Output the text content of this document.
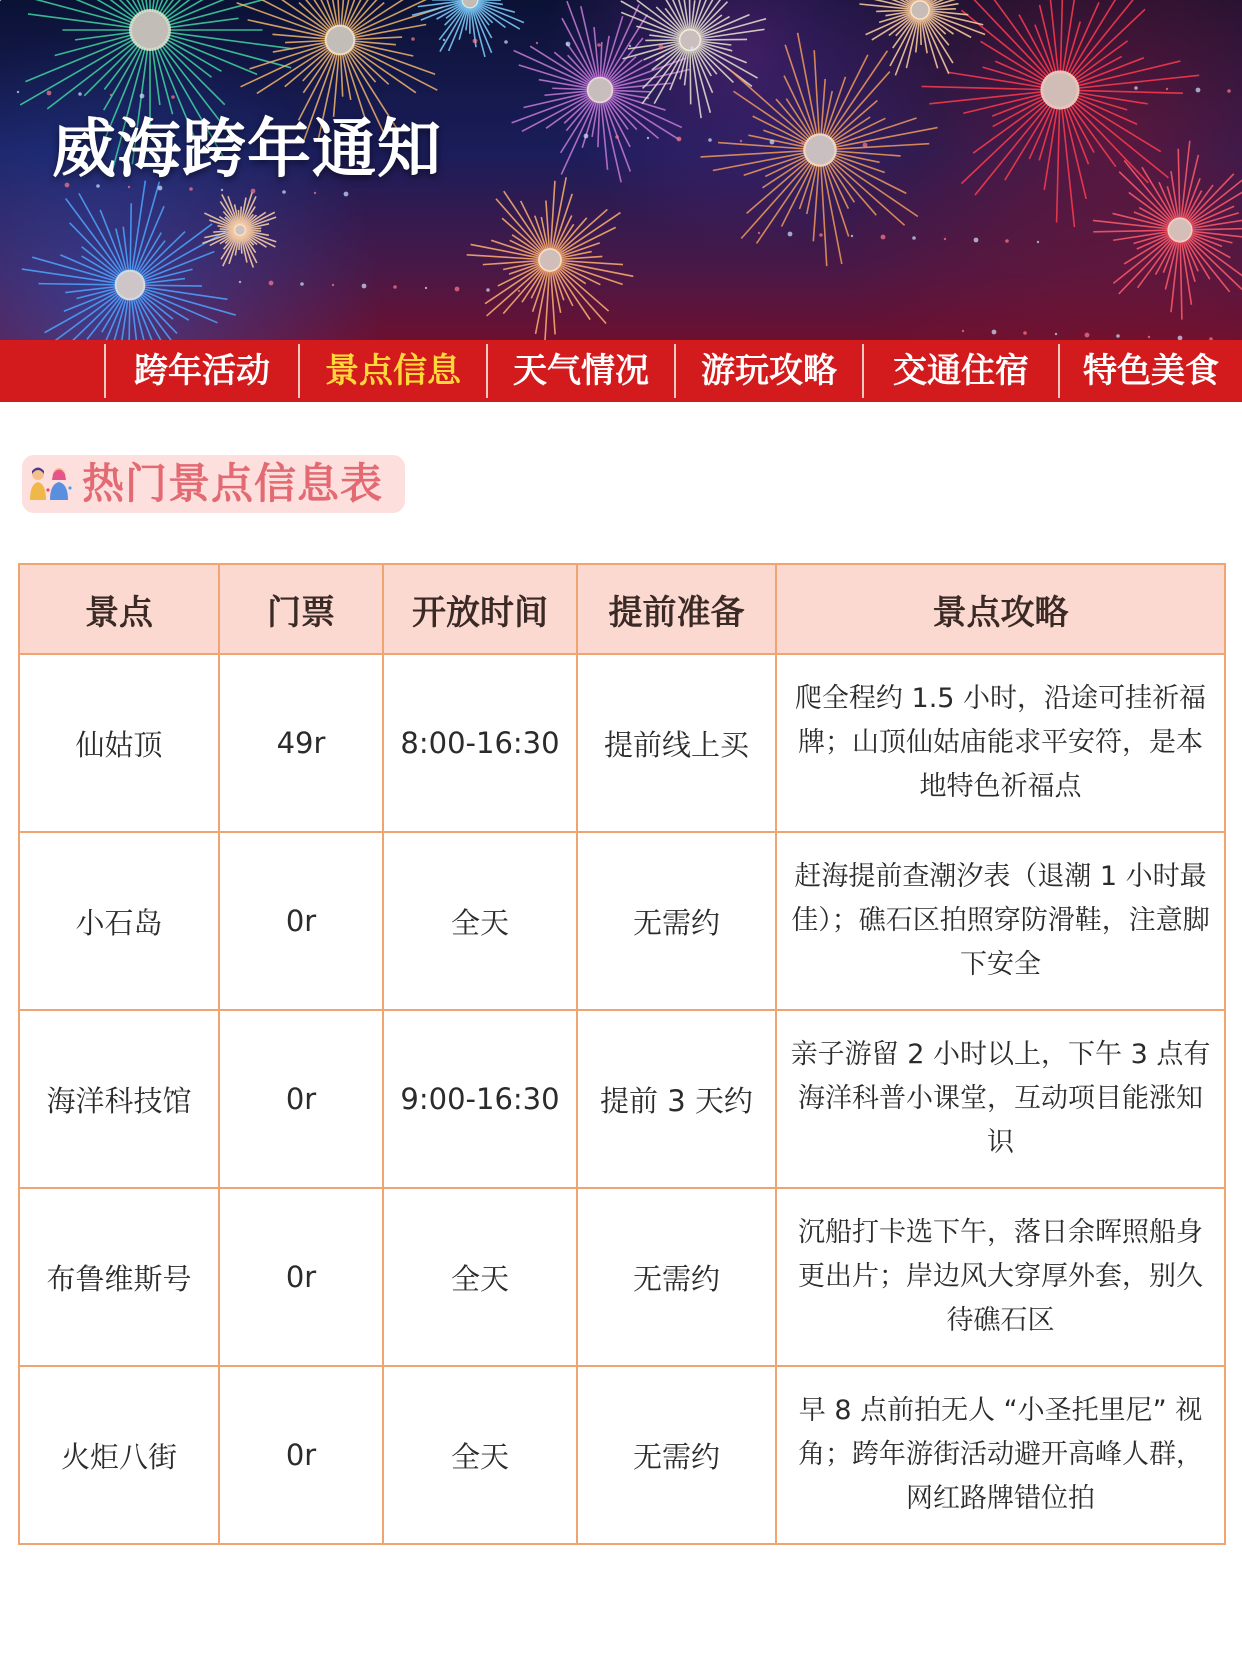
威海跨年通知
跨年活动	景点信息	天气情况	游玩攻略	交通住宿	特色美食
热门景点信息表
景点	门票	开放时间	提前准备	景点攻略
仙姑顶	49r	8:00-16:30	提前线上买	爬全程约 1.5 小时，沿途可挂祈福牌；山顶仙姑庙能求平安符，是本地特色祈福点
小石岛	0r	全天	无需约	赶海提前查潮汐表（退潮 1 小时最佳）；礁石区拍照穿防滑鞋，注意脚下安全
海洋科技馆	0r	9:00-16:30	提前 3 天约	亲子游留 2 小时以上，下午 3 点有海洋科普小课堂，互动项目能涨知识
布鲁维斯号	0r	全天	无需约	沉船打卡选下午，落日余晖照船身更出片；岸边风大穿厚外套，别久待礁石区
火炬八街	0r	全天	无需约	早 8 点前拍无人 “小圣托里尼” 视角；跨年游街活动避开高峰人群，网红路牌错位拍
